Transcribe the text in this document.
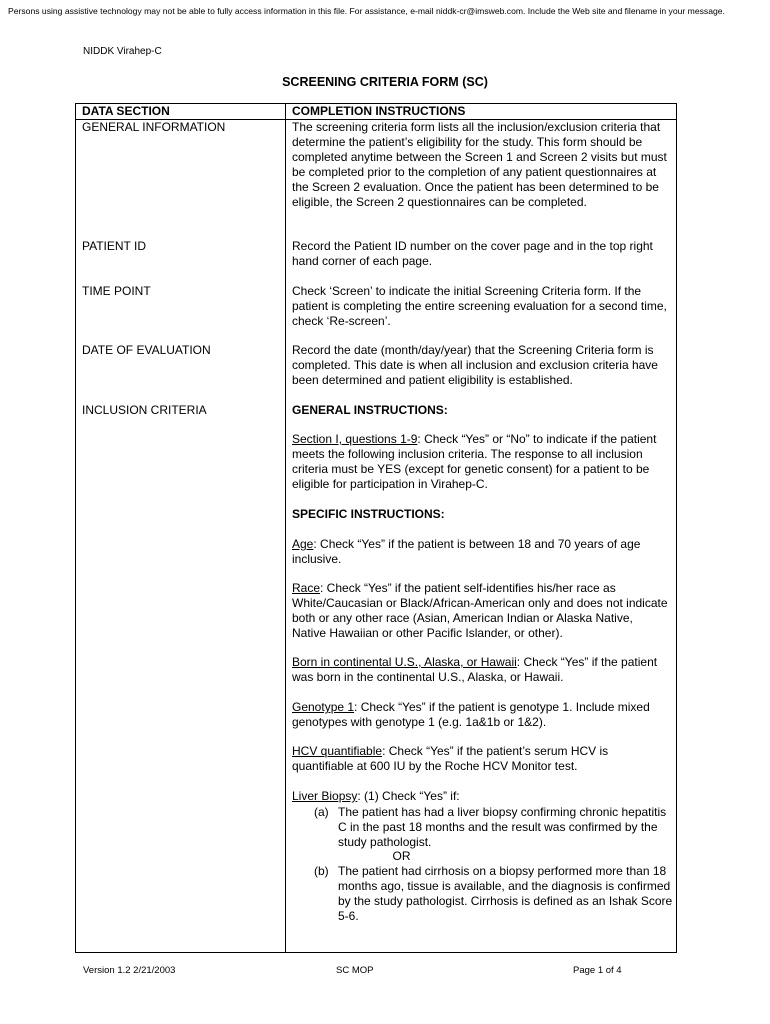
Persons using assistive technology may not be able to fully access information in this file. For assistance, e-mail niddk-cr@imsweb.com. Include the Web site and filename in your message.
NIDDK Virahep-C
SCREENING CRITERIA FORM (SC)
DATA SECTION	COMPLETION INSTRUCTIONS
GENERAL INFORMATION	The screening criteria form lists all the inclusion/exclusion criteria that determine the patient’s eligibility for the study. This form should be completed anytime between the Screen 1 and Screen 2 visits but must be completed prior to the completion of any patient questionnaires at the Screen 2 evaluation. Once the patient has been determined to be eligible, the Screen 2 questionnaires can be completed.

PATIENT ID	Record the Patient ID number on the cover page and in the top right hand corner of each page.

TIME POINT	Check ‘Screen’ to indicate the initial Screening Criteria form. If the patient is completing the entire screening evaluation for a second time, check ‘Re-screen’.

DATE OF EVALUATION	Record the date (month/day/year) that the Screening Criteria form is completed. This date is when all inclusion and exclusion criteria have been determined and patient eligibility is established.

INCLUSION CRITERIA	GENERAL INSTRUCTIONS:

Section I, questions 1-9: Check “Yes” or “No” to indicate if the patient meets the following inclusion criteria. The response to all inclusion criteria must be YES (except for genetic consent) for a patient to be eligible for participation in Virahep-C.

SPECIFIC INSTRUCTIONS:

Age: Check “Yes” if the patient is between 18 and 70 years of age inclusive.

Race: Check “Yes” if the patient self-identifies his/her race as White/Caucasian or Black/African-American only and does not indicate both or any other race (Asian, American Indian or Alaska Native, Native Hawaiian or other Pacific Islander, or other).

Born in continental U.S., Alaska, or Hawaii: Check “Yes” if the patient was born in the continental U.S., Alaska, or Hawaii.

Genotype 1: Check “Yes” if the patient is genotype 1. Include mixed genotypes with genotype 1 (e.g. 1a&1b or 1&2).

HCV quantifiable: Check “Yes” if the patient’s serum HCV is quantifiable at 600 IU by the Roche HCV Monitor test.

Liver Biopsy: (1) Check “Yes” if:

(a) The patient has had a liver biopsy confirming chronic hepatitis C in the past 18 months and the result was confirmed by the study pathologist.
OR
(b) The patient had cirrhosis on a biopsy performed more than 18 months ago, tissue is available, and the diagnosis is confirmed by the study pathologist. Cirrhosis is defined as an Ishak Score 5-6.
Version 1.2 2/21/2003	SC MOP	Page 1 of 4
